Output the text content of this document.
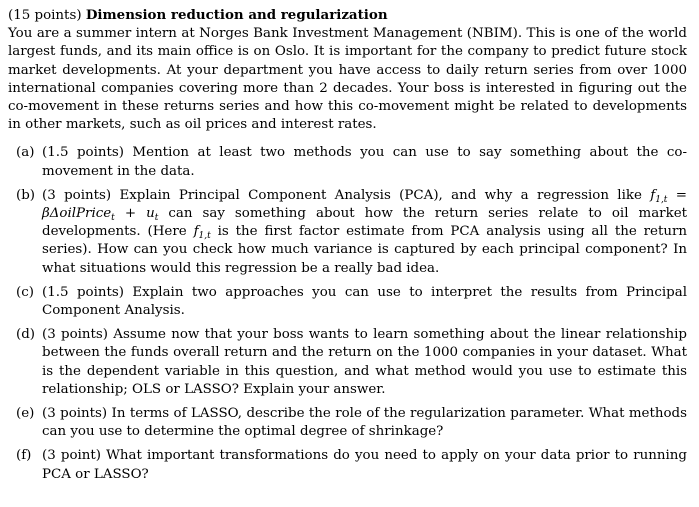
(15 points) Dimension reduction and regularization
You are a summer intern at Norges Bank Investment Management (NBIM). This is one of the world largest funds, and its main office is on Oslo. It is important for the company to predict future stock market developments. At your department you have access to daily return series from over 1000 international companies covering more than 2 decades. Your boss is interested in figuring out the co-movement in these returns series and how this co-movement might be related to developments in other markets, such as oil prices and interest rates.
(a) (1.5 points) Mention at least two methods you can use to say something about the co-movement in the data.
(b) (3 points) Explain Principal Component Analysis (PCA), and why a regression like $f_{1,t}$ = βΔoilPrice$_t$ + $u_t$ can say something about how the return series relate to oil market developments. (Here $f_{1,t}$ is the first factor estimate from PCA analysis using all the return series). How can you check how much variance is captured by each principal component? In what situations would this regression be a really bad idea.
(c) (1.5 points) Explain two approaches you can use to interpret the results from Principal Component Analysis.
(d) (3 points) Assume now that your boss wants to learn something about the linear relationship between the funds overall return and the return on the 1000 companies in your dataset. What is the dependent variable in this question, and what method would you use to estimate this relationship; OLS or LASSO? Explain your answer.
(e) (3 points) In terms of LASSO, describe the role of the regularization parameter. What methods can you use to determine the optimal degree of shrinkage?
(f) (3 point) What important transformations do you need to apply on your data prior to running PCA or LASSO?
